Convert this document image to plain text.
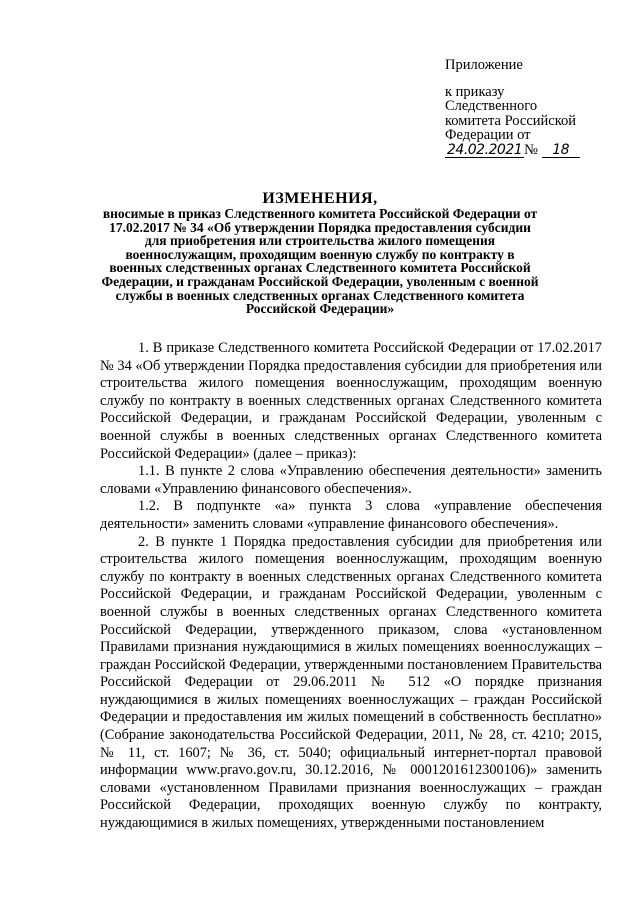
Приложение
к приказу
Следственного
комитета Российской
Федерации от
24.02.2021 № 18
ИЗМЕНЕНИЯ,
вносимые в приказ Следственного комитета Российской Федерации от 17.02.2017 № 34 «Об утверждении Порядка предоставления субсидии для приобретения или строительства жилого помещения военнослужащим, проходящим военную службу по контракту в военных следственных органах Следственного комитета Российской Федерации, и гражданам Российской Федерации, уволенным с военной службы в военных следственных органах Следственного комитета Российской Федерации»

1. В приказе Следственного комитета Российской Федерации от 17.02.2017 № 34 «Об утверждении Порядка предоставления субсидии для приобретения или строительства жилого помещения военнослужащим, проходящим военную службу по контракту в военных следственных органах Следственного комитета Российской Федерации, и гражданам Российской Федерации, уволенным с военной службы в военных следственных органах Следственного комитета Российской Федерации» (далее – приказ):

1.1. В пункте 2 слова «Управлению обеспечения деятельности» заменить словами «Управлению финансового обеспечения».

1.2. В подпункте «а» пункта 3 слова «управление обеспечения деятельности» заменить словами «управление финансового обеспечения».

2. В пункте 1 Порядка предоставления субсидии для приобретения или строительства жилого помещения военнослужащим, проходящим военную службу по контракту в военных следственных органах Следственного комитета Российской Федерации, и гражданам Российской Федерации, уволенным с военной службы в военных следственных органах Следственного комитета Российской Федерации, утвержденного приказом, слова «установленном Правилами признания нуждающимися в жилых помещениях военнослужащих – граждан Российской Федерации, утвержденными постановлением Правительства Российской Федерации от 29.06.2011 № 512 «О порядке признания нуждающимися в жилых помещениях военнослужащих – граждан Российской Федерации и предоставления им жилых помещений в собственность бесплатно» (Собрание законодательства Российской Федерации, 2011, № 28, ст. 4210; 2015, № 11, ст. 1607; № 36, ст. 5040; официальный интернет-портал правовой информации www.pravo.gov.ru, 30.12.2016, № 0001201612300106)» заменить словами «установленном Правилами признания военнослужащих – граждан Российской Федерации, проходящих военную службу по контракту, нуждающимися в жилых помещениях, утвержденными постановлением
